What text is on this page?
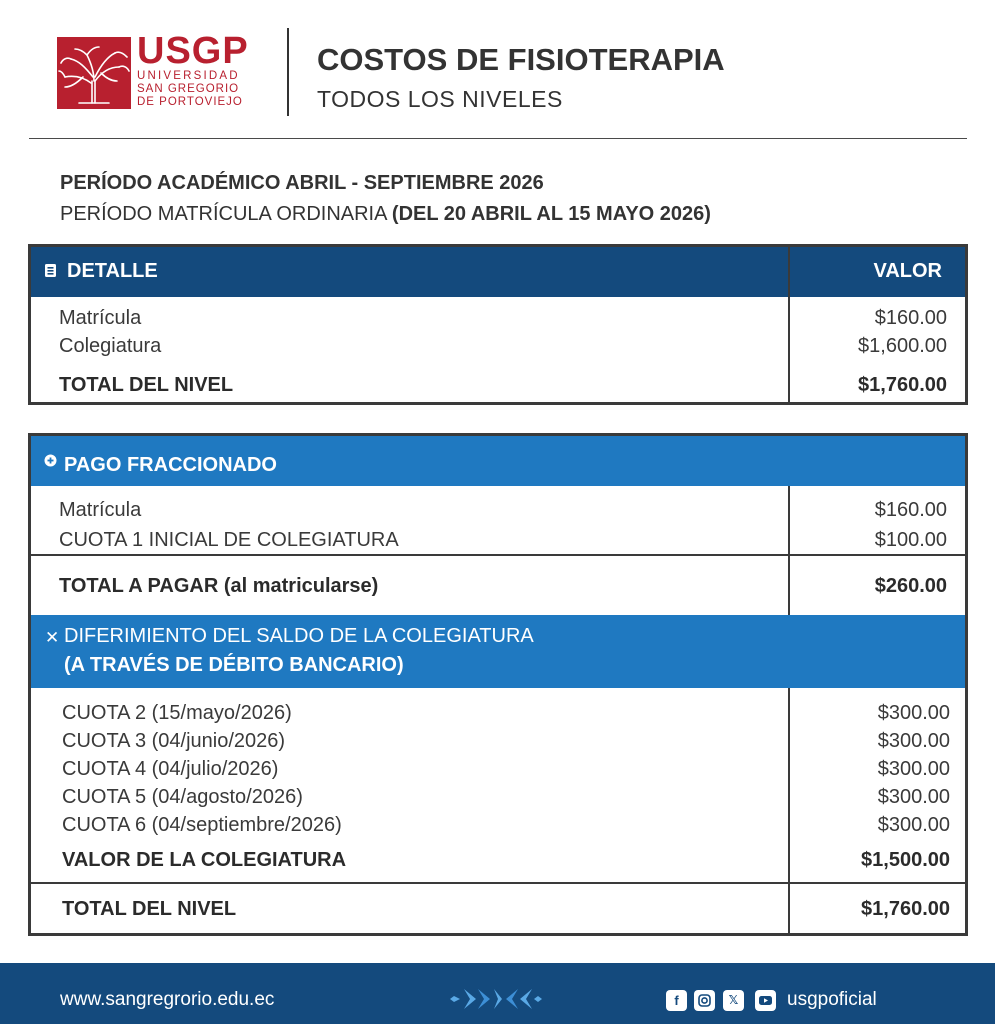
USGP
UNIVERSIDAD
SAN GREGORIO
DE PORTOVIEJO
COSTOS DE FISIOTERAPIA
TODOS LOS NIVELES
PERÍODO ACADÉMICO ABRIL - SEPTIEMBRE 2026
PERÍODO MATRÍCULA ORDINARIA (DEL 20 ABRIL AL 15 MAYO 2026)
DETALLE	VALOR
Matrícula	$160.00
Colegiatura	$1,600.00
TOTAL DEL NIVEL	$1,760.00
PAGO FRACCIONADO
Matrícula	$160.00
CUOTA 1 INICIAL DE COLEGIATURA	$100.00
TOTAL A PAGAR (al matricularse)	$260.00
✕ DIFERIMIENTO DEL SALDO DE LA COLEGIATURA
(A TRAVÉS DE DÉBITO BANCARIO)
CUOTA 2 (15/mayo/2026)	$300.00
CUOTA 3 (04/junio/2026)	$300.00
CUOTA 4 (04/julio/2026)	$300.00
CUOTA 5 (04/agosto/2026)	$300.00
CUOTA 6 (04/septiembre/2026)	$300.00
VALOR DE LA COLEGIATURA	$1,500.00
TOTAL DEL NIVEL	$1,760.00
www.sangregrorio.edu.ec	f	𝕏	usgpoficial
